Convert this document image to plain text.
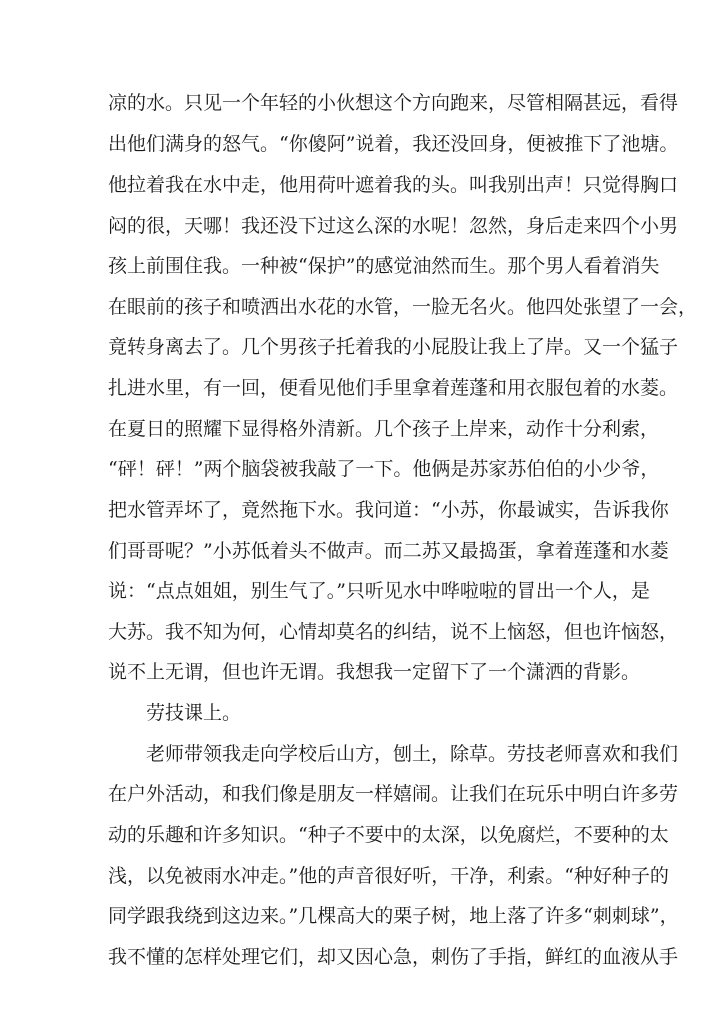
凉的水。只见一个年轻的小伙想这个方向跑来，尽管相隔甚远，看得
出他们满身的怒气。“你傻阿”说着，我还没回身，便被推下了池塘。
他拉着我在水中走，他用荷叶遮着我的头。叫我别出声！只觉得胸口
闷的很，天哪！我还没下过这么深的水呢！忽然，身后走来四个小男
孩上前围住我。一种被“保护”的感觉油然而生。那个男人看着消失
在眼前的孩子和喷洒出水花的水管，一脸无名火。他四处张望了一会，
竟转身离去了。几个男孩子托着我的小屁股让我上了岸。又一个猛子
扎进水里，有一回，便看见他们手里拿着莲蓬和用衣服包着的水菱。
在夏日的照耀下显得格外清新。几个孩子上岸来，动作十分利索，
“砰！砰！”两个脑袋被我敲了一下。他俩是苏家苏伯伯的小少爷，
把水管弄坏了，竟然拖下水。我问道：“小苏，你最诚实，告诉我你
们哥哥呢？”小苏低着头不做声。而二苏又最捣蛋，拿着莲蓬和水菱
说：“点点姐姐，别生气了。”只听见水中哗啦啦的冒出一个人，是
大苏。我不知为何，心情却莫名的纠结，说不上恼怒，但也许恼怒，
说不上无谓，但也许无谓。我想我一定留下了一个潇洒的背影。
劳技课上。
老师带领我走向学校后山方，刨土，除草。劳技老师喜欢和我们
在户外活动，和我们像是朋友一样嬉闹。让我们在玩乐中明白许多劳
动的乐趣和许多知识。“种子不要中的太深，以免腐烂，不要种的太
浅，以免被雨水冲走。”他的声音很好听，干净，利索。“种好种子的
同学跟我绕到这边来。”几棵高大的栗子树，地上落了许多“刺刺球”，
我不懂的怎样处理它们，却又因心急，刺伤了手指，鲜红的血液从手
